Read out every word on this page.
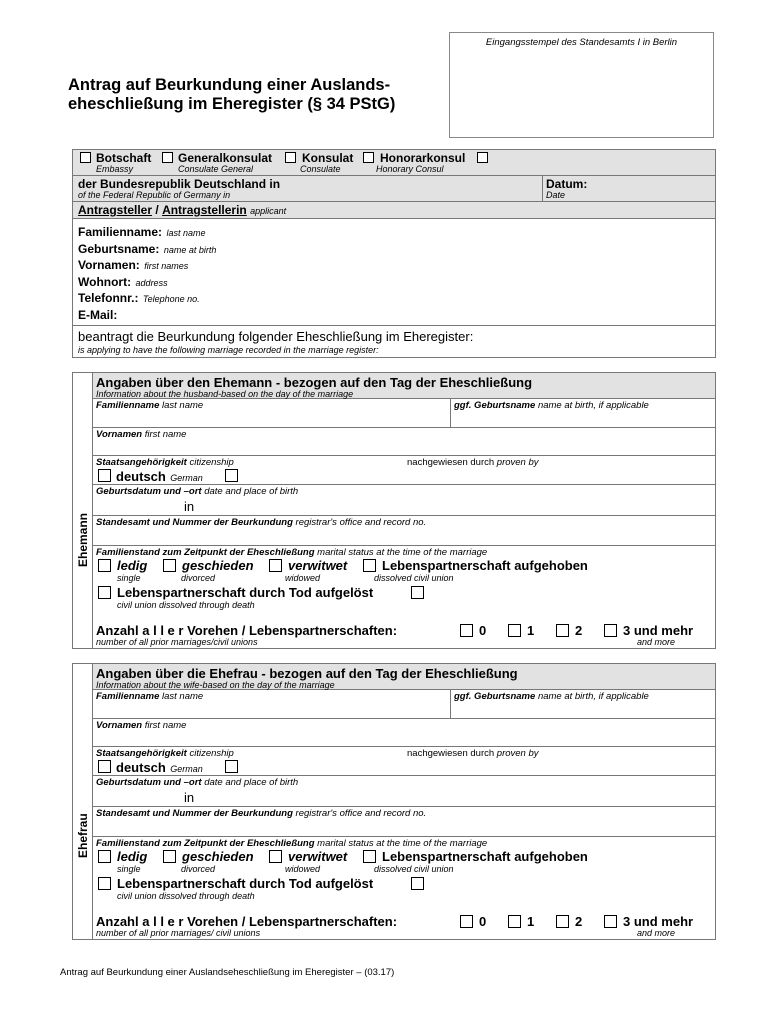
Eingangsstempel des Standesamts I in Berlin
Antrag auf Beurkundung einer Auslands-
eheschließung im Eheregister (§ 34 PStG)
Botschaft
Embassy
Generalkonsulat
Consulate General
Konsulat
Consulate
Honorarkonsul
Honorary Consul
der Bundesrepublik Deutschland in
of the Federal Republic of Germany in
Datum:
Date
Antragsteller / Antragstellerin applicant
Familienname: last name
Geburtsname: name at birth
Vornamen: first names
Wohnort: address
Telefonnr.: Telephone no.
E-Mail:
beantragt die Beurkundung folgender Eheschließung im Eheregister:
is applying to have the following marriage recorded in the marriage register:
Ehemann
Angaben über den Ehemann - bezogen auf den Tag der Eheschließung
Information about the husband-based on the day of the marriage
Familienname last name	ggf. Geburtsname name at birth, if applicable
Vornamen first name
Staatsangehörigkeit citizenship	nachgewiesen durch proven by
deutsch German
Geburtsdatum und –ort date and place of birth
in
Standesamt und Nummer der Beurkundung registrar's office and record no.
Familienstand zum Zeitpunkt der Eheschließung marital status at the time of the marriage
ledig
single
geschieden
divorced
verwitwet
widowed
Lebenspartnerschaft aufgehoben
dissolved civil union
Lebenspartnerschaft durch Tod aufgelöst
civil union dissolved through death
Anzahl a l l e r Vorehen / Lebenspartnerschaften:
number of all prior marriages/civil unions
0	1	2	3 und mehr
and more
Ehefrau
Angaben über die Ehefrau - bezogen auf den Tag der Eheschließung
Information about the wife-based on the day of the marriage
Familienname last name	ggf. Geburtsname name at birth, if applicable
Vornamen first name
Staatsangehörigkeit citizenship	nachgewiesen durch proven by
deutsch German
Geburtsdatum und –ort date and place of birth
in
Standesamt und Nummer der Beurkundung registrar's office and record no.
Familienstand zum Zeitpunkt der Eheschließung marital status at the time of the marriage
ledig
single
geschieden
divorced
verwitwet
widowed
Lebenspartnerschaft aufgehoben
dissolved civil union
Lebenspartnerschaft durch Tod aufgelöst
civil union dissolved through death
Anzahl a l l e r Vorehen / Lebenspartnerschaften:
number of all prior marriages/ civil unions
0	1	2	3 und mehr
and more
Antrag auf Beurkundung einer Auslandseheschließung im Eheregister – (03.17)
